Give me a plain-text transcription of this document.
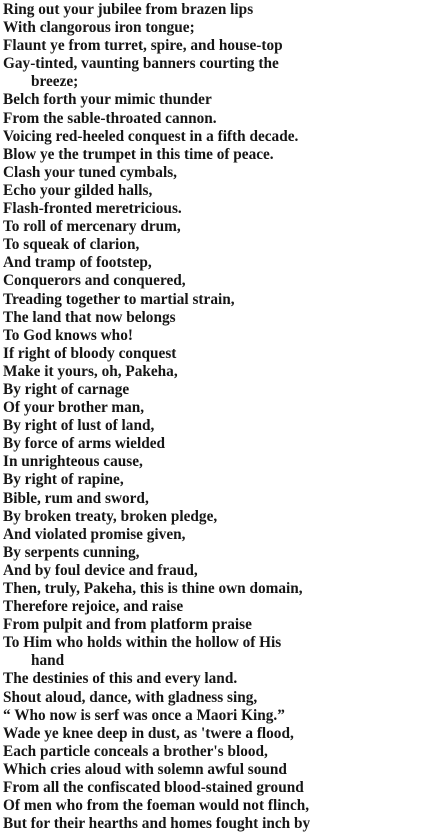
Ring out your jubilee from brazen lips
With clangorous iron tongue;
Flaunt ye from turret, spire, and house-top
Gay-tinted, vaunting banners courting the
breeze;
Belch forth your mimic thunder
From the sable-throated cannon.
Voicing red-heeled conquest in a fifth decade.
Blow ye the trumpet in this time of peace.
Clash your tuned cymbals,
Echo your gilded halls,
Flash-fronted meretricious.
To roll of mercenary drum,
To squeak of clarion,
And tramp of footstep,
Conquerors and conquered,
Treading together to martial strain,
The land that now belongs
To God knows who!
If right of bloody conquest
Make it yours, oh, Pakeha,
By right of carnage
Of your brother man,
By right of lust of land,
By force of arms wielded
In unrighteous cause,
By right of rapine,
Bible, rum and sword,
By broken treaty, broken pledge,
And violated promise given,
By serpents cunning,
And by foul device and fraud,
Then, truly, Pakeha, this is thine own domain,
Therefore rejoice, and raise
From pulpit and from platform praise
To Him who holds within the hollow of His
hand
The destinies of this and every land.
Shout aloud, dance, with gladness sing,
“ Who now is serf was once a Maori King.”
Wade ye knee deep in dust, as 'twere a flood,
Each particle conceals a brother's blood,
Which cries aloud with solemn awful sound
From all the confiscated blood-stained ground
Of men who from the foeman would not flinch,
But for their hearths and homes fought inch by
